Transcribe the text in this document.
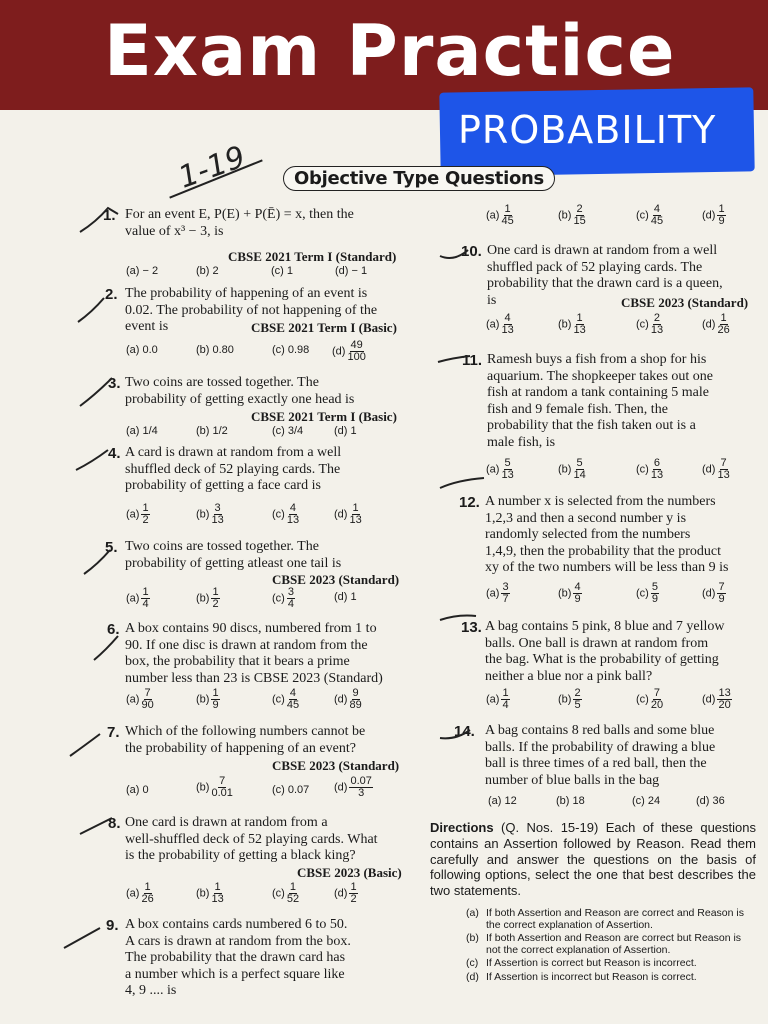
Exam Practice
PROBABILITY
1-19	Objective Type Questions
1. For an event E, P(E) + P(Ē) = x, then the
value of x³ − 3, is
CBSE 2021 Term I (Standard)
(a) − 2	(b) 2	(c) 1	(d) − 1
2. The probability of happening of an event is
0.02. The probability of not happening of the
event is	CBSE 2021 Term I (Basic)
(a) 0.0	(b) 0.80	(c) 0.98 $(d) \frac{49}{100}$
3. Two coins are tossed together. The
probability of getting exactly one head is
CBSE 2021 Term I (Basic)
(a) 1/4	(b) 1/2	(c) 3/4	(d) 1
4. A card is drawn at random from a well
shuffled deck of 52 playing cards. The
probability of getting a face card is
$(a) \frac{1}{2}$	$(b) \frac{3}{13}$	$(c) \frac{4}{13}$	$(d) \frac{1}{13}$
5. Two coins are tossed together. The
probability of getting atleast one tail is
CBSE 2023 (Standard)
$(a) \frac{1}{4}$	$(b) \frac{1}{2}$	$(c) \frac{3}{4}$	(d) 1
6. A box contains 90 discs, numbered from 1 to
90. If one disc is drawn at random from the
box, the probability that it bears a prime
number less than 23 is CBSE 2023 (Standard)
$(a) \frac{7}{90}$	$(b) \frac{1}{9}$	$(c) \frac{4}{45}$	$(d) \frac{9}{89}$
7. Which of the following numbers cannot be
the probability of happening of an event?
CBSE 2023 (Standard)
(a) 0	$(b) \frac{7}{0.01}$	(c) 0.07 $(d) \frac{0.07}{3}$
8. One card is drawn at random from a
well-shuffled deck of 52 playing cards. What
is the probability of getting a black king?
CBSE 2023 (Basic)
$(a) \frac{1}{26}$	$(b) \frac{1}{13}$	$(c) \frac{1}{52}$	$(d) \frac{1}{2}$
9. A box contains cards numbered 6 to 50.
A cars is drawn at random from the box.
The probability that the drawn card has
a number which is a perfect square like
4, 9 .... is
$(a) \frac{1}{45}$	$(b) \frac{2}{15}$	$(c) \frac{4}{45}$	$(d) \frac{1}{9}$
10. One card is drawn at random from a well
shuffled pack of 52 playing cards. The
probability that the drawn card is a queen,
is	CBSE 2023 (Standard)
$(a) \frac{4}{13}$	$(b) \frac{1}{13}$	$(c) \frac{2}{13}$	$(d) \frac{1}{26}$
11. Ramesh buys a fish from a shop for his
aquarium. The shopkeeper takes out one
fish at random a tank containing 5 male
fish and 9 female fish. Then, the
probability that the fish taken out is a
male fish, is
$(a) \frac{5}{13}$	$(b) \frac{5}{14}$	$(c) \frac{6}{13}$	$(d) \frac{7}{13}$
12. A number x is selected from the numbers
1,2,3 and then a second number y is
randomly selected from the numbers
1,4,9, then the probability that the product
xy of the two numbers will be less than 9 is
$(a) \frac{3}{7}$	$(b) \frac{4}{9}$	$(c) \frac{5}{9}$	$(d) \frac{7}{9}$
13. A bag contains 5 pink, 8 blue and 7 yellow
balls. One ball is drawn at random from
the bag. What is the probability of getting
neither a blue nor a pink ball?
$(a) \frac{1}{4}$	$(b) \frac{2}{5}$	$(c) \frac{7}{20}$	$(d) \frac{13}{20}$
14. A bag contains 8 red balls and some blue
balls. If the probability of drawing a blue
ball is three times of a red ball, then the
number of blue balls in the bag
(a) 12	(b) 18	(c) 24	(d) 36
Directions (Q. Nos. 15-19) Each of these questions contains an Assertion followed by Reason. Read them carefully and answer the questions on the basis of following options, select the one that best describes the two statements.
(a) If both Assertion and Reason are correct and Reason is the correct explanation of Assertion.
(b) If both Assertion and Reason are correct but Reason is not the correct explanation of Assertion.
(c) If Assertion is correct but Reason is incorrect.
(d) If Assertion is incorrect but Reason is correct.
